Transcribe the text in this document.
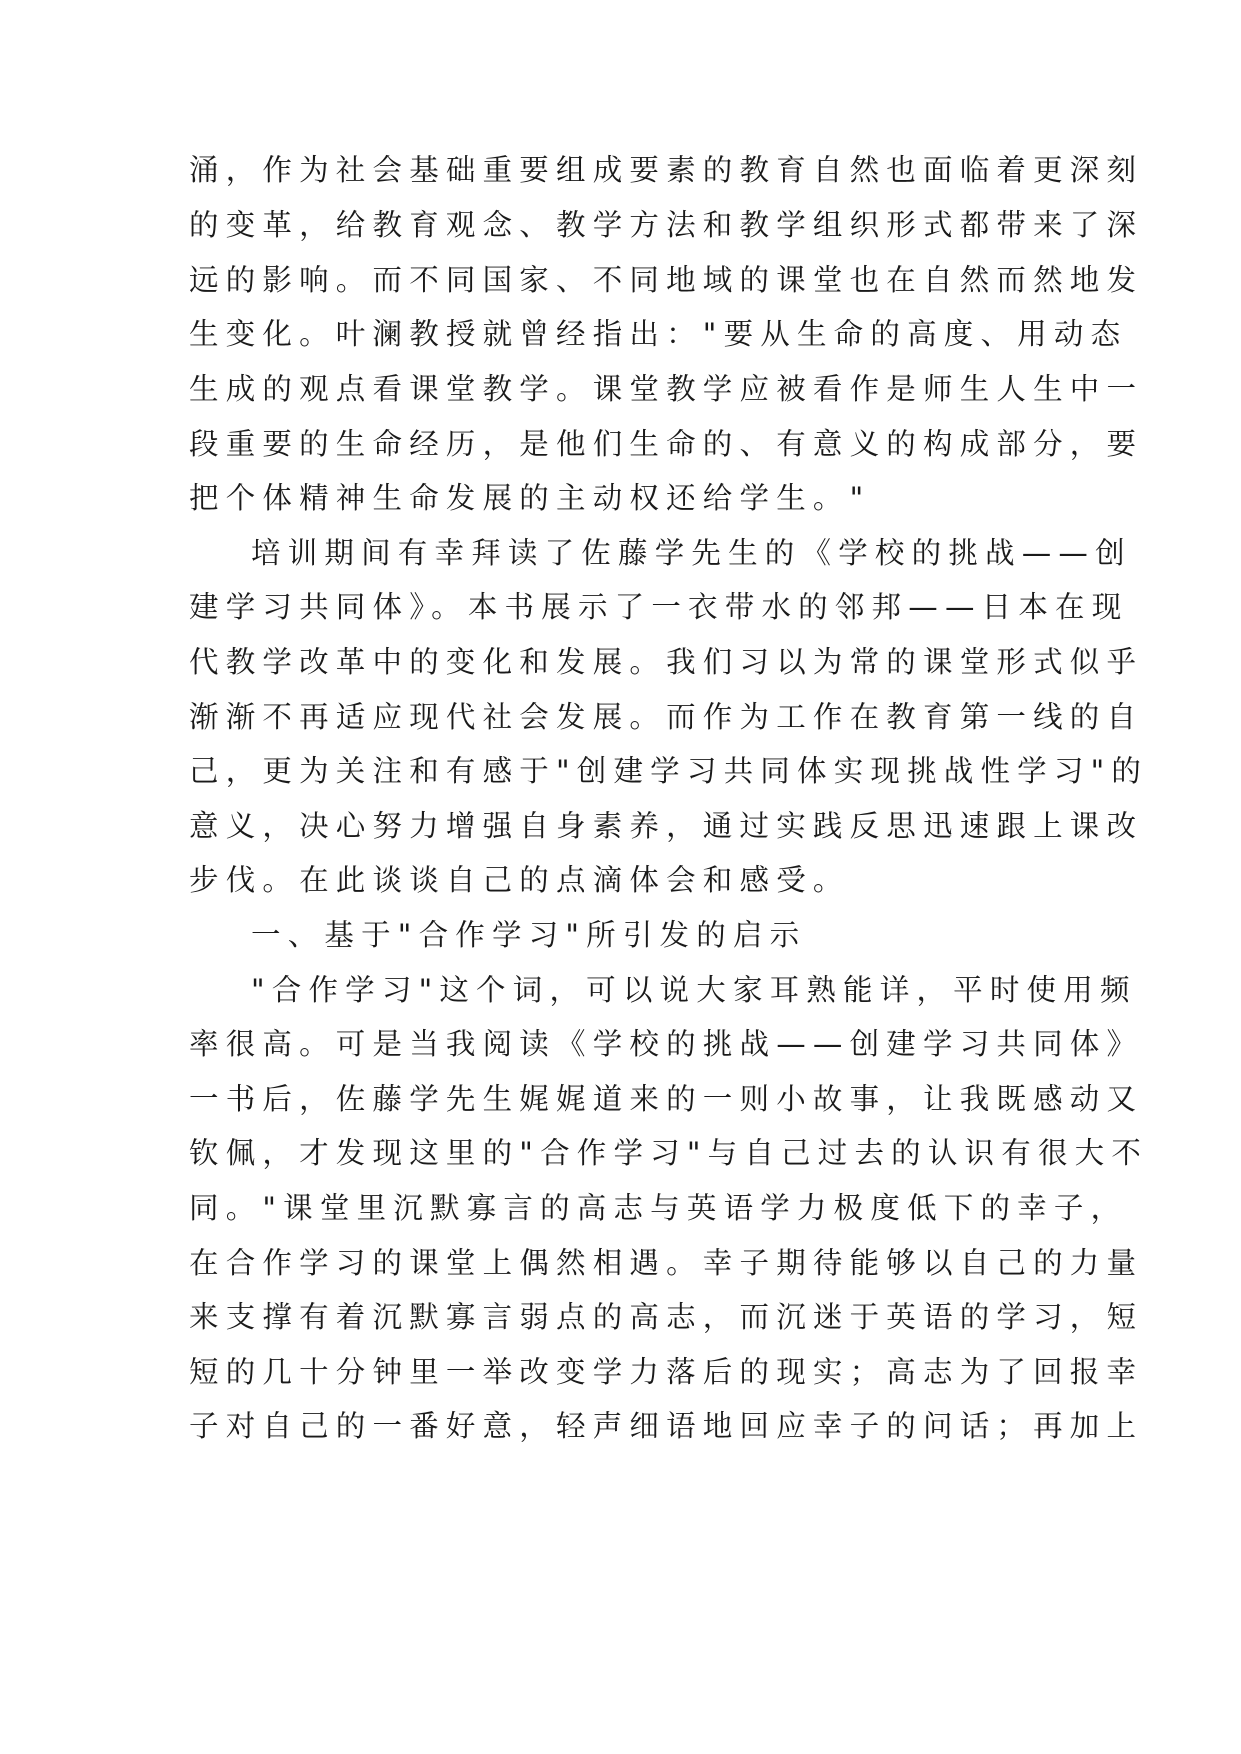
涌，作为社会基础重要组成要素的教育自然也面临着更深刻
的变革，给教育观念、教学方法和教学组织形式都带来了深
远的影响。而不同国家、不同地域的课堂也在自然而然地发
生变化。叶澜教授就曾经指出："要从生命的高度、用动态
生成的观点看课堂教学。课堂教学应被看作是师生人生中一
段重要的生命经历，是他们生命的、有意义的构成部分，要
把个体精神生命发展的主动权还给学生。"
培训期间有幸拜读了佐藤学先生的《学校的挑战——创
建学习共同体》。本书展示了一衣带水的邻邦——日本在现
代教学改革中的变化和发展。我们习以为常的课堂形式似乎
渐渐不再适应现代社会发展。而作为工作在教育第一线的自
己，更为关注和有感于"创建学习共同体实现挑战性学习"的
意义，决心努力增强自身素养，通过实践反思迅速跟上课改
步伐。在此谈谈自己的点滴体会和感受。
一、基于"合作学习"所引发的启示
"合作学习"这个词，可以说大家耳熟能详，平时使用频
率很高。可是当我阅读《学校的挑战——创建学习共同体》
一书后，佐藤学先生娓娓道来的一则小故事，让我既感动又
钦佩，才发现这里的"合作学习"与自己过去的认识有很大不
同。"课堂里沉默寡言的高志与英语学力极度低下的幸子，
在合作学习的课堂上偶然相遇。幸子期待能够以自己的力量
来支撑有着沉默寡言弱点的高志，而沉迷于英语的学习，短
短的几十分钟里一举改变学力落后的现实；高志为了回报幸
子对自己的一番好意，轻声细语地回应幸子的问话；再加上
